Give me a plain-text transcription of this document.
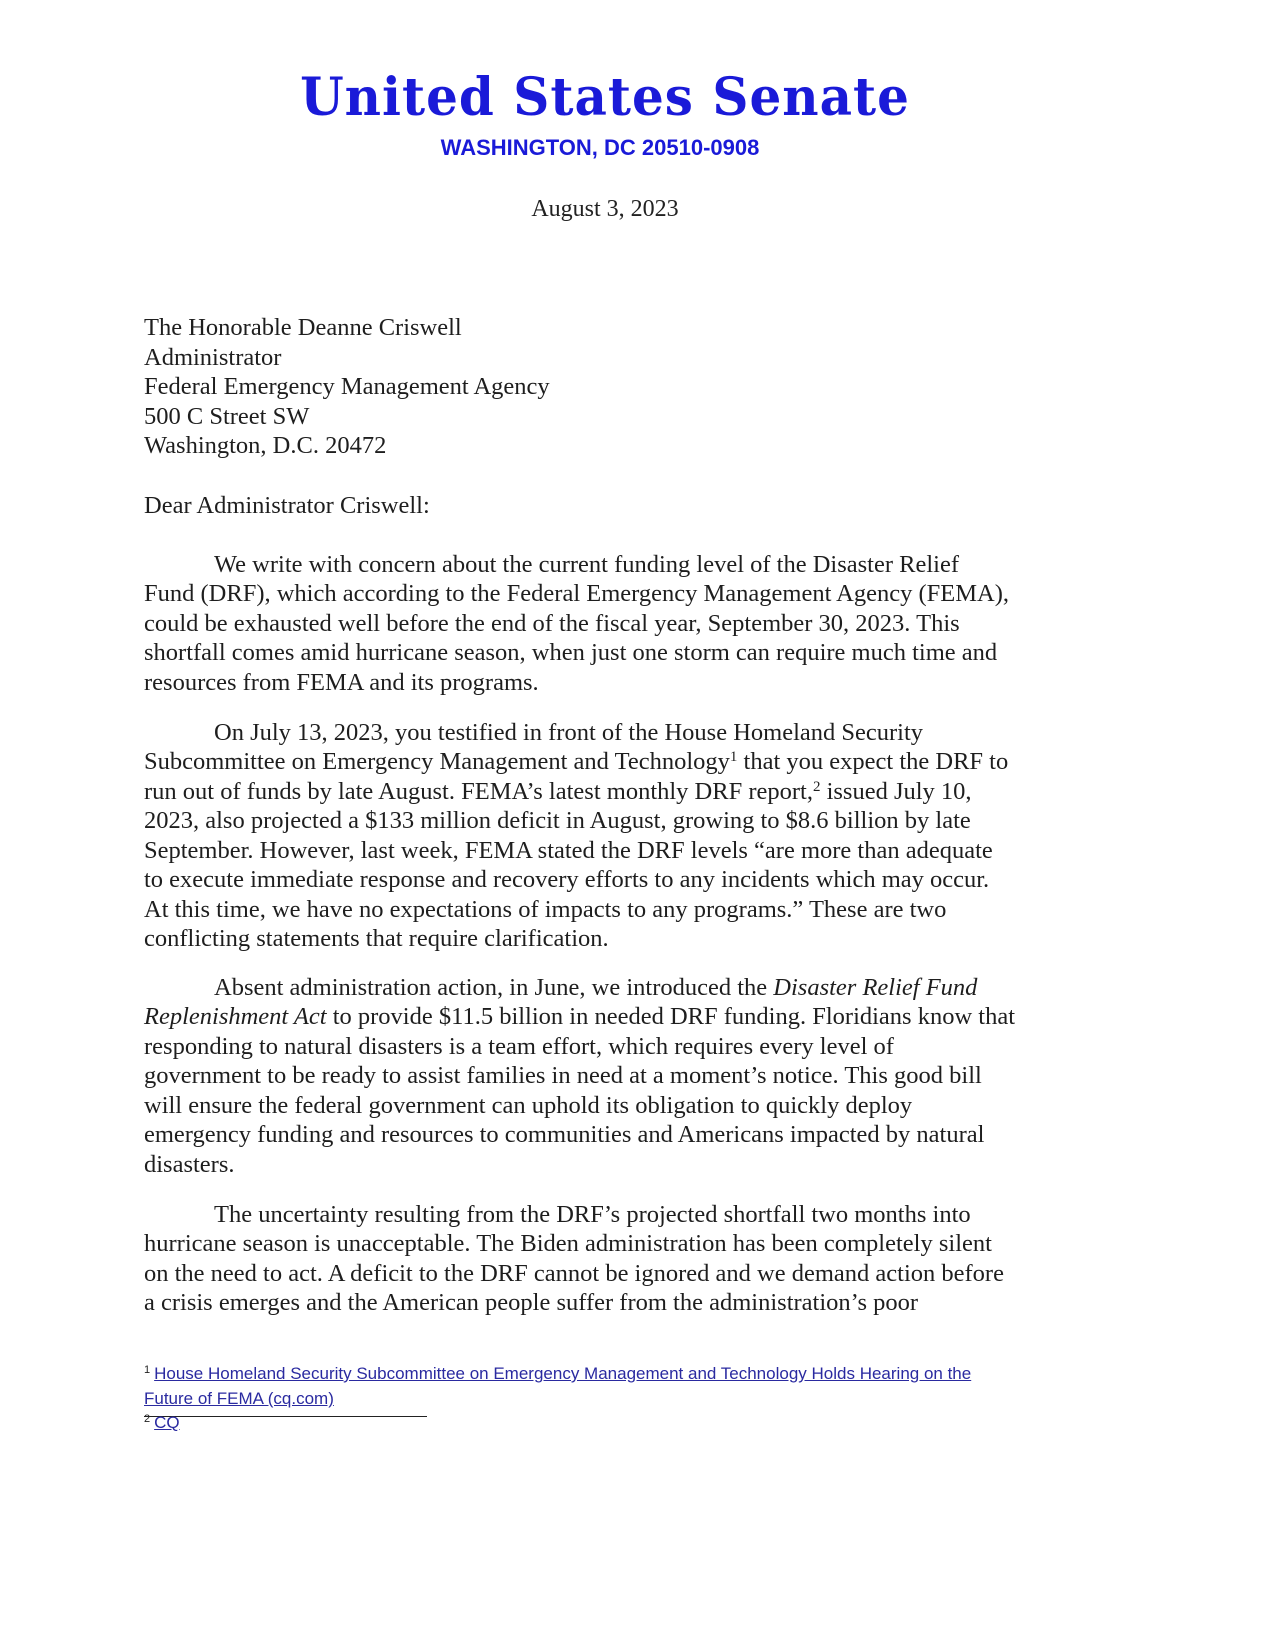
United States Senate
WASHINGTON, DC 20510-0908
August 3, 2023
The Honorable Deanne Criswell
Administrator
Federal Emergency Management Agency
500 C Street SW
Washington, D.C. 20472
Dear Administrator Criswell:
We write with concern about the current funding level of the Disaster Relief
Fund (DRF), which according to the Federal Emergency Management Agency (FEMA),
could be exhausted well before the end of the fiscal year, September 30, 2023. This
shortfall comes amid hurricane season, when just one storm can require much time and
resources from FEMA and its programs.
On July 13, 2023, you testified in front of the House Homeland Security
Subcommittee on Emergency Management and Technology$^1$ that you expect the DRF to
run out of funds by late August. FEMA’s latest monthly DRF report,$^2$ issued July 10,
2023, also projected a $133 million deficit in August, growing to $8.6 billion by late
September. However, last week, FEMA stated the DRF levels “are more than adequate
to execute immediate response and recovery efforts to any incidents which may occur.
At this time, we have no expectations of impacts to any programs.” These are two
conflicting statements that require clarification.
Absent administration action, in June, we introduced the Disaster Relief Fund
Replenishment Act to provide $11.5 billion in needed DRF funding. Floridians know that
responding to natural disasters is a team effort, which requires every level of
government to be ready to assist families in need at a moment’s notice. This good bill
will ensure the federal government can uphold its obligation to quickly deploy
emergency funding and resources to communities and Americans impacted by natural
disasters.
The uncertainty resulting from the DRF’s projected shortfall two months into
hurricane season is unacceptable. The Biden administration has been completely silent
on the need to act. A deficit to the DRF cannot be ignored and we demand action before
a crisis emerges and the American people suffer from the administration’s poor
$^1$ House Homeland Security Subcommittee on Emergency Management and Technology Holds Hearing on the
Future of FEMA (cq.com)
$^2$ CQ
